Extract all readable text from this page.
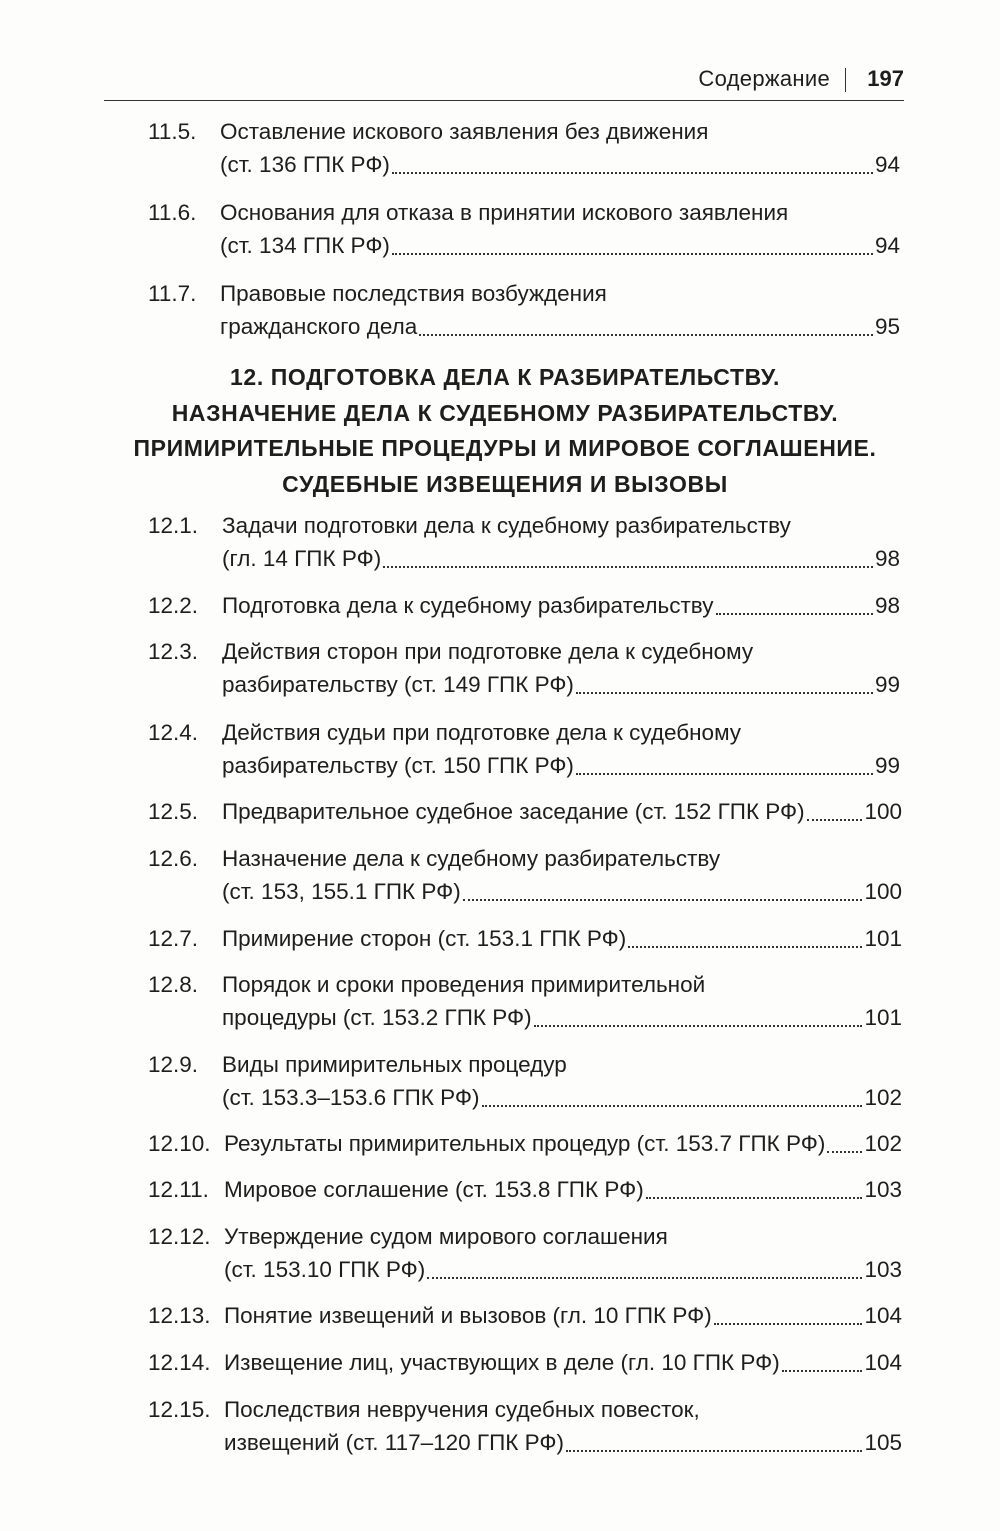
Содержание 197
12. ПОДГОТОВКА ДЕЛА К РАЗБИРАТЕЛЬСТВУ.
НАЗНАЧЕНИЕ ДЕЛА К СУДЕБНОМУ РАЗБИРАТЕЛЬСТВУ.
ПРИМИРИТЕЛЬНЫЕ ПРОЦЕДУРЫ И МИРОВОЕ СОГЛАШЕНИЕ.
СУДЕБНЫЕ ИЗВЕЩЕНИЯ И ВЫЗОВЫ
11.5. Оставление искового заявления без движения
(ст. 136 ГПК РФ)	94
11.6. Основания для отказа в принятии искового заявления
(ст. 134 ГПК РФ)	94
11.7. Правовые последствия возбуждения
гражданского дела	95
12.1. Задачи подготовки дела к судебному разбирательству
(гл. 14 ГПК РФ)	98
12.2. Подготовка дела к судебному разбирательству	98
12.3. Действия сторон при подготовке дела к судебному
разбирательству (ст. 149 ГПК РФ)	99
12.4. Действия судьи при подготовке дела к судебному
разбирательству (ст. 150 ГПК РФ)	99
12.5. Предварительное судебное заседание (ст. 152 ГПК РФ)	100
12.6. Назначение дела к судебному разбирательству
(ст. 153, 155.1 ГПК РФ)	100
12.7. Примирение сторон (ст. 153.1 ГПК РФ)	101
12.8. Порядок и сроки проведения примирительной
процедуры (ст. 153.2 ГПК РФ)	101
12.9. Виды примирительных процедур
(ст. 153.3–153.6 ГПК РФ)	102
12.10. Результаты примирительных процедур (ст. 153.7 ГПК РФ) 102
12.11. Мировое соглашение (ст. 153.8 ГПК РФ)	103
12.12. Утверждение судом мирового соглашения
(ст. 153.10 ГПК РФ)	103
12.13. Понятие извещений и вызовов (гл. 10 ГПК РФ)	104
12.14. Извещение лиц, участвующих в деле (гл. 10 ГПК РФ)	104
12.15. Последствия невручения судебных повесток,
извещений (ст. 117–120 ГПК РФ)	105
